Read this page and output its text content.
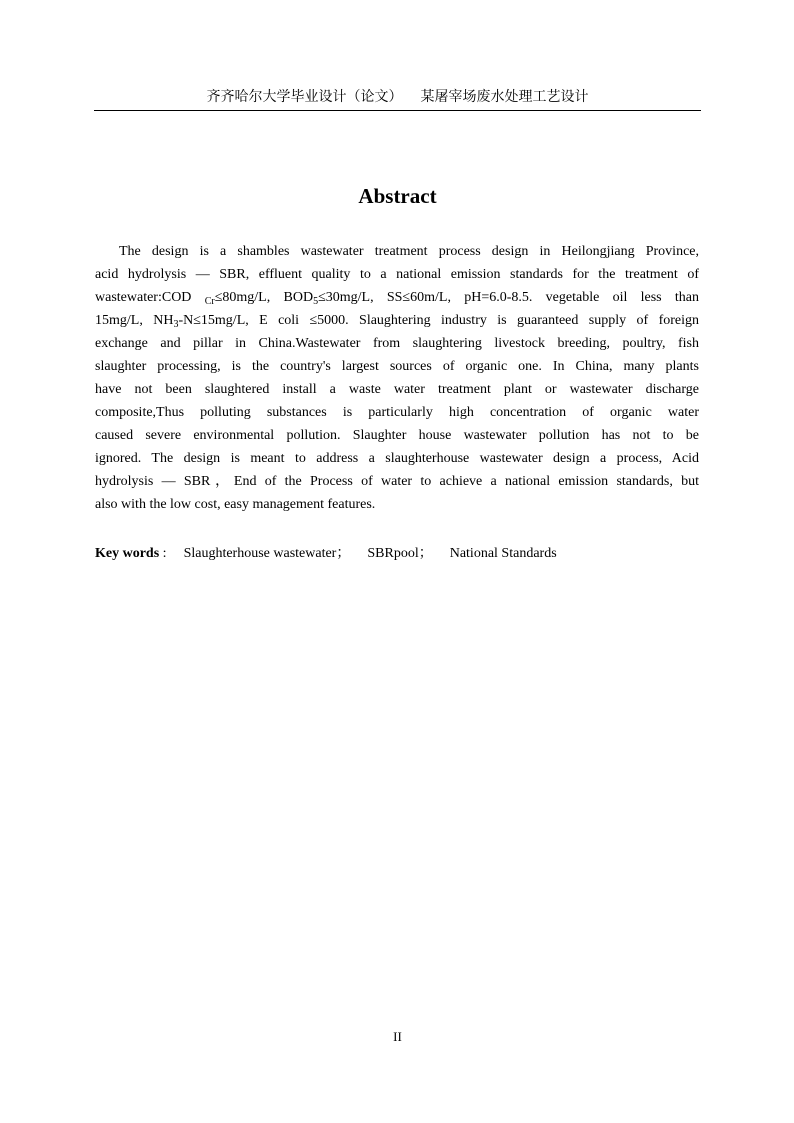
齐齐哈尔大学毕业设计（论文） 某屠宰场废水处理工艺设计
Abstract
The design is a shambles wastewater treatment process design in Heilongjiang Province,
acid hydrolysis — SBR, effluent quality to a national emission standards for the treatment of
wastewater:COD $_{Cr}$≤80mg/L, $BOD_5\le 30mg/L$, SS≤60m/L, pH=6.0-8.5. vegetable oil less than
15mg/L, $NH_3-N\le 15mg/L$, E coli ≤5000. Slaughtering industry is guaranteed supply of foreign
exchange and pillar in China.Wastewater from slaughtering livestock breeding, poultry, fish
slaughter processing, is the country's largest sources of organic one. In China, many plants
have not been slaughtered install a waste water treatment plant or wastewater discharge
composite,Thus polluting substances is particularly high concentration of organic water
caused severe environmental pollution. Slaughter house wastewater pollution has not to be
ignored. The design is meant to address a slaughterhouse wastewater design a process, Acid
hydrolysis — SBR，End of the Process of water to achieve a national emission standards, but
also with the low cost, easy management features.
Key words : Slaughterhouse wastewater； SBRpool； National Standards
II
